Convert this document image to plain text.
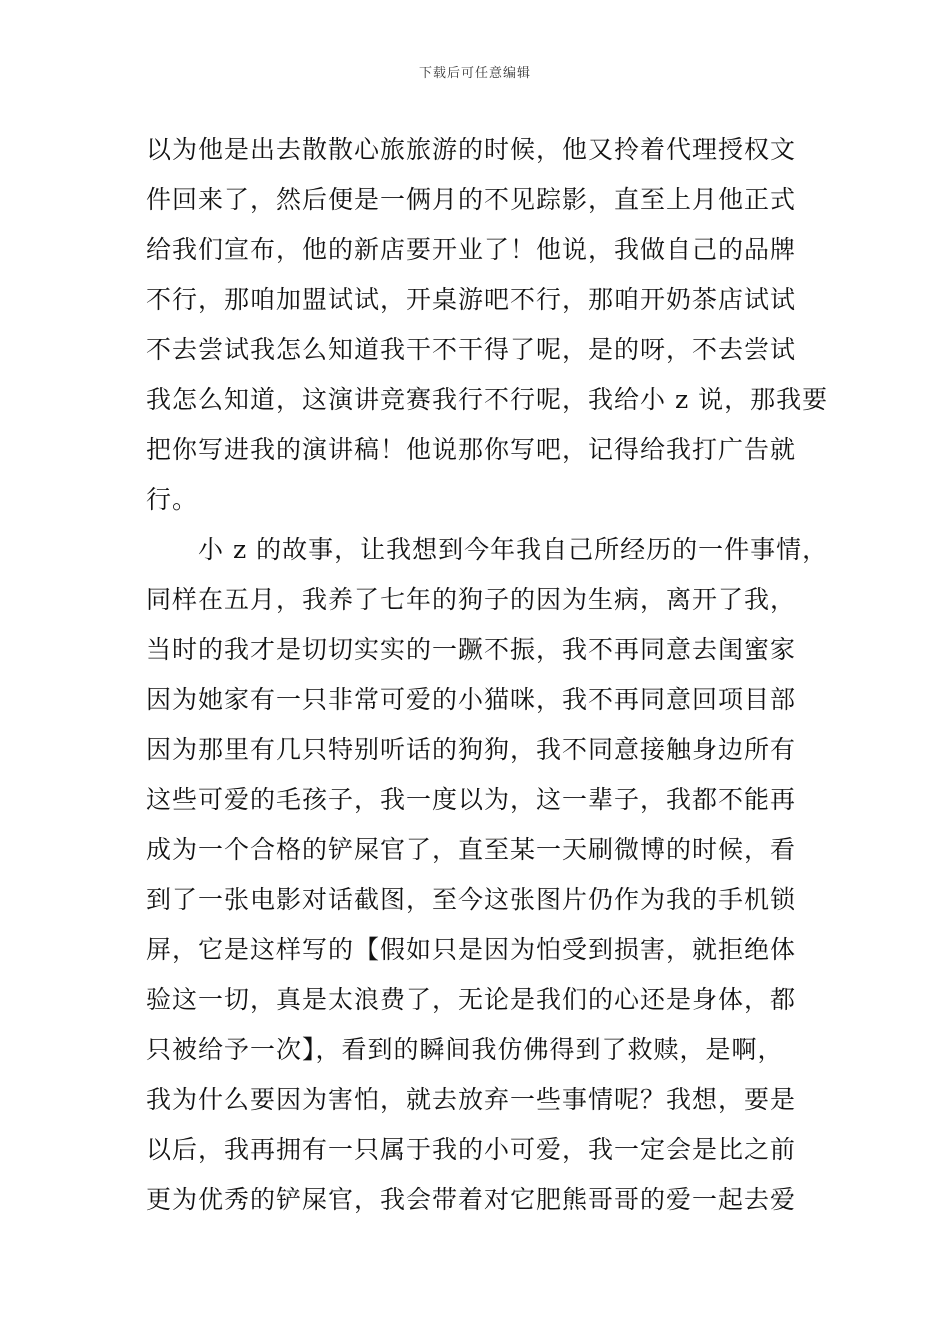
下载后可任意编辑
以为他是出去散散心旅旅游的时候，他又拎着代理授权文
件回来了，然后便是一俩月的不见踪影，直至上月他正式
给我们宣布，他的新店要开业了！他说，我做自己的品牌
不行，那咱加盟试试，开桌游吧不行，那咱开奶茶店试试
不去尝试我怎么知道我干不干得了呢，是的呀，不去尝试
我怎么知道，这演讲竞赛我行不行呢，我给小 z 说，那我要
把你写进我的演讲稿！他说那你写吧，记得给我打广告就
行。
小 z 的故事，让我想到今年我自己所经历的一件事情，
同样在五月，我养了七年的狗子的因为生病，离开了我，
当时的我才是切切实实的一蹶不振，我不再同意去闺蜜家
因为她家有一只非常可爱的小猫咪，我不再同意回项目部
因为那里有几只特别听话的狗狗，我不同意接触身边所有
这些可爱的毛孩子，我一度以为，这一辈子，我都不能再
成为一个合格的铲屎官了，直至某一天刷微博的时候，看
到了一张电影对话截图，至今这张图片仍作为我的手机锁
屏，它是这样写的【假如只是因为怕受到损害，就拒绝体
验这一切，真是太浪费了，无论是我们的心还是身体，都
只被给予一次】，看到的瞬间我仿佛得到了救赎，是啊，
我为什么要因为害怕，就去放弃一些事情呢？我想，要是
以后，我再拥有一只属于我的小可爱，我一定会是比之前
更为优秀的铲屎官，我会带着对它肥熊哥哥的爱一起去爱
